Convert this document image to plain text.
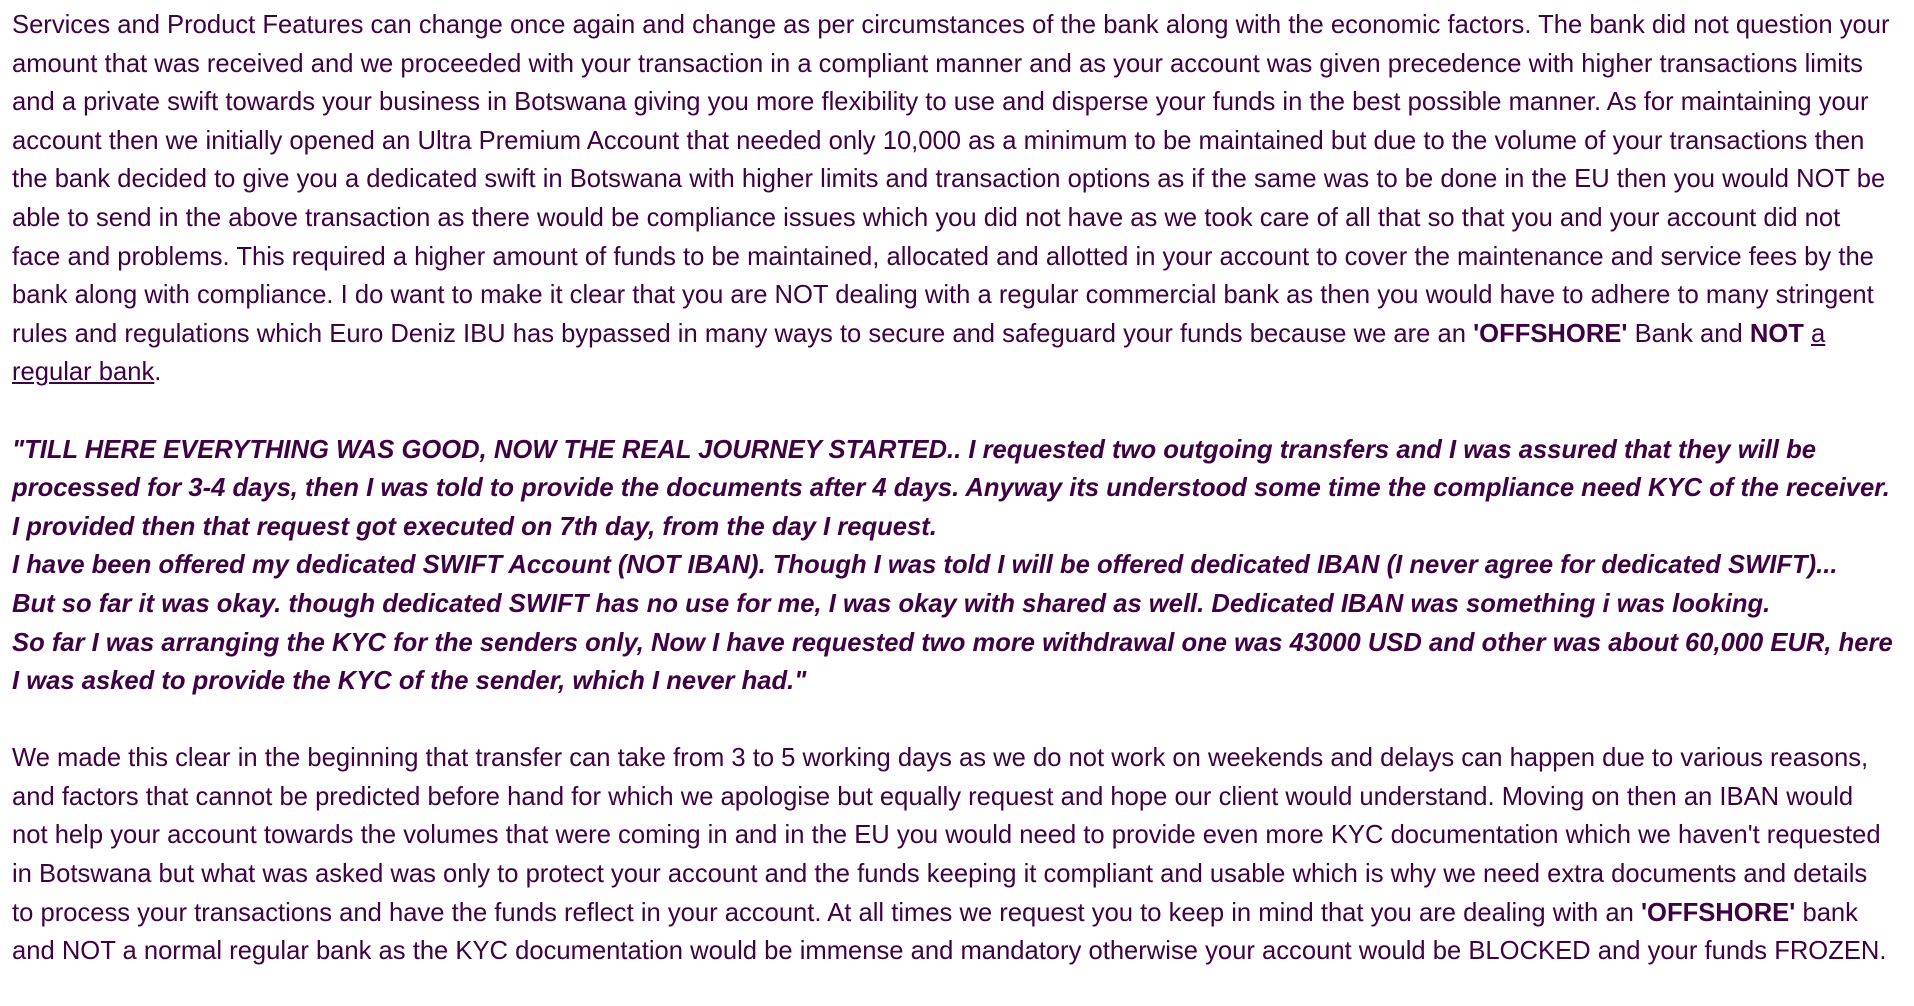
Services and Product Features can change once again and change as per circumstances of the bank along with the economic factors. The bank did not question your amount that was received and we proceeded with your transaction in a compliant manner and as your account was given precedence with higher transactions limits and a private swift towards your business in Botswana giving you more flexibility to use and disperse your funds in the best possible manner. As for maintaining your account then we initially opened an Ultra Premium Account that needed only 10,000 as a minimum to be maintained but due to the volume of your transactions then the bank decided to give you a dedicated swift in Botswana with higher limits and transaction options as if the same was to be done in the EU then you would NOT be able to send in the above transaction as there would be compliance issues which you did not have as we took care of all that so that you and your account did not face and problems. This required a higher amount of funds to be maintained, allocated and allotted in your account to cover the maintenance and service fees by the bank along with compliance. I do want to make it clear that you are NOT dealing with a regular commercial bank as then you would have to adhere to many stringent rules and regulations which Euro Deniz IBU has bypassed in many ways to secure and safeguard your funds because we are an 'OFFSHORE' Bank and NOT a regular bank.

"TILL HERE EVERYTHING WAS GOOD, NOW THE REAL JOURNEY STARTED.. I requested two outgoing transfers and I was assured that they will be processed for 3-4 days, then I was told to provide the documents after 4 days. Anyway its understood some time the compliance need KYC of the receiver. I provided then that request got executed on 7th day, from the day I request.
I have been offered my dedicated SWIFT Account (NOT IBAN). Though I was told I will be offered dedicated IBAN (I never agree for dedicated SWIFT)...
But so far it was okay. though dedicated SWIFT has no use for me, I was okay with shared as well. Dedicated IBAN was something i was looking.
So far I was arranging the KYC for the senders only, Now I have requested two more withdrawal one was 43000 USD and other was about 60,000 EUR, here I was asked to provide the KYC of the sender, which I never had."

We made this clear in the beginning that transfer can take from 3 to 5 working days as we do not work on weekends and delays can happen due to various reasons, and factors that cannot be predicted before hand for which we apologise but equally request and hope our client would understand. Moving on then an IBAN would not help your account towards the volumes that were coming in and in the EU you would need to provide even more KYC documentation which we haven't requested in Botswana but what was asked was only to protect your account and the funds keeping it compliant and usable which is why we need extra documents and details to process your transactions and have the funds reflect in your account. At all times we request you to keep in mind that you are dealing with an 'OFFSHORE' bank and NOT a normal regular bank as the KYC documentation would be immense and mandatory otherwise your account would be BLOCKED and your funds FROZEN.
